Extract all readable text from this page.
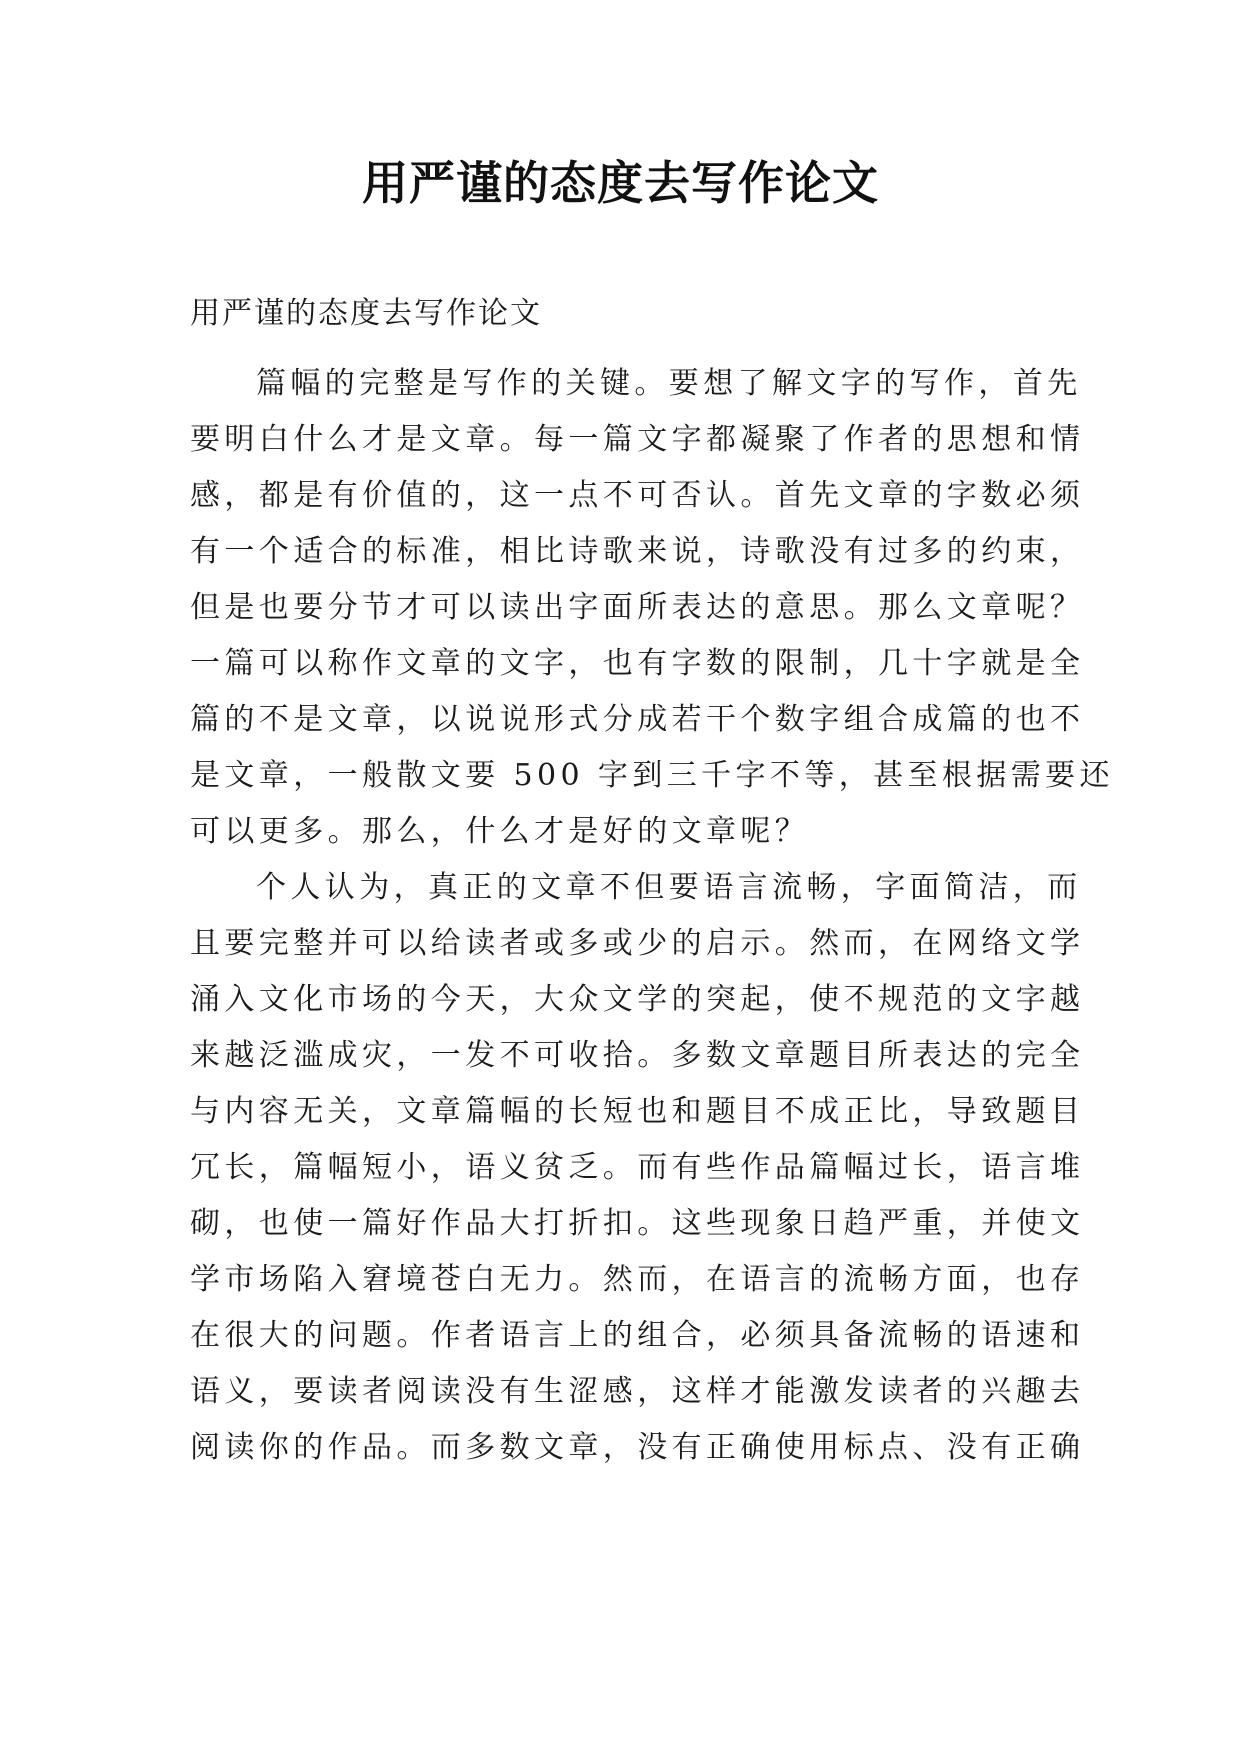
用严谨的态度去写作论文
用严谨的态度去写作论文
篇幅的完整是写作的关键。要想了解文字的写作，首先
要明白什么才是文章。每一篇文字都凝聚了作者的思想和情
感，都是有价值的，这一点不可否认。首先文章的字数必须
有一个适合的标准，相比诗歌来说，诗歌没有过多的约束，
但是也要分节才可以读出字面所表达的意思。那么文章呢？
一篇可以称作文章的文字，也有字数的限制，几十字就是全
篇的不是文章，以说说形式分成若干个数字组合成篇的也不
是文章，一般散文要 500 字到三千字不等，甚至根据需要还
可以更多。那么，什么才是好的文章呢？
个人认为，真正的文章不但要语言流畅，字面简洁，而
且要完整并可以给读者或多或少的启示。然而，在网络文学
涌入文化市场的今天，大众文学的突起，使不规范的文字越
来越泛滥成灾，一发不可收拾。多数文章题目所表达的完全
与内容无关，文章篇幅的长短也和题目不成正比，导致题目
冗长，篇幅短小，语义贫乏。而有些作品篇幅过长，语言堆
砌，也使一篇好作品大打折扣。这些现象日趋严重，并使文
学市场陷入窘境苍白无力。然而，在语言的流畅方面，也存
在很大的问题。作者语言上的组合，必须具备流畅的语速和
语义，要读者阅读没有生涩感，这样才能激发读者的兴趣去
阅读你的作品。而多数文章，没有正确使用标点、没有正确
